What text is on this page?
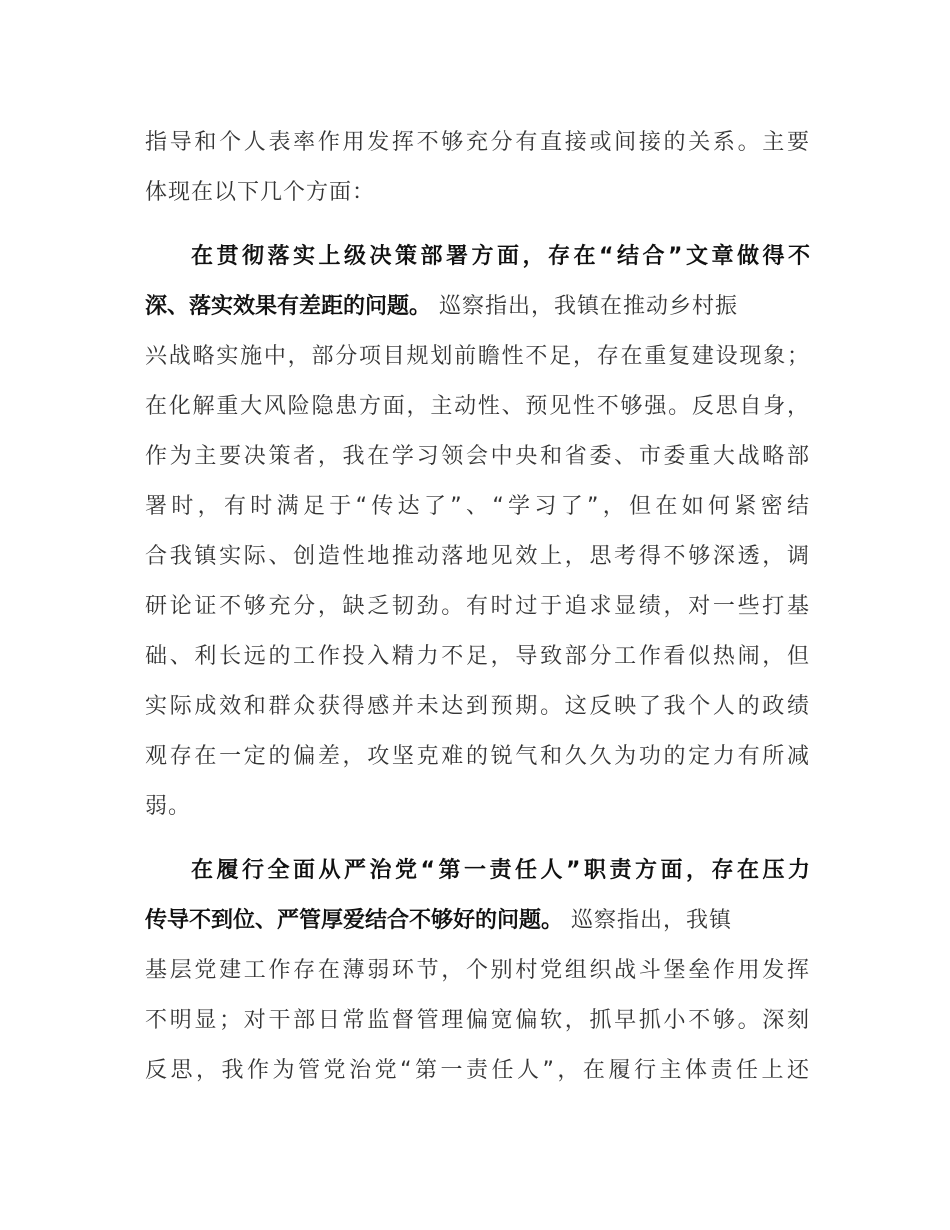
指导和个人表率作用发挥不够充分有直接或间接的关系。主要
体现在以下几个方面：
在贯彻落实上级决策部署方面，存在“结合”文章做得不
深、落实效果有差距的问题。 巡察指出，我镇在推动乡村振
兴战略实施中，部分项目规划前瞻性不足，存在重复建设现象；
在化解重大风险隐患方面，主动性、预见性不够强。反思自身，
作为主要决策者，我在学习领会中央和省委、市委重大战略部
署时，有时满足于“传达了”、“学习了”，但在如何紧密结
合我镇实际、创造性地推动落地见效上，思考得不够深透，调
研论证不够充分，缺乏韧劲。有时过于追求显绩，对一些打基
础、利长远的工作投入精力不足，导致部分工作看似热闹，但
实际成效和群众获得感并未达到预期。这反映了我个人的政绩
观存在一定的偏差，攻坚克难的锐气和久久为功的定力有所减
弱。
在履行全面从严治党“第一责任人”职责方面，存在压力
传导不到位、严管厚爱结合不够好的问题。 巡察指出，我镇
基层党建工作存在薄弱环节，个别村党组织战斗堡垒作用发挥
不明显；对干部日常监督管理偏宽偏软，抓早抓小不够。深刻
反思，我作为管党治党“第一责任人”，在履行主体责任上还
